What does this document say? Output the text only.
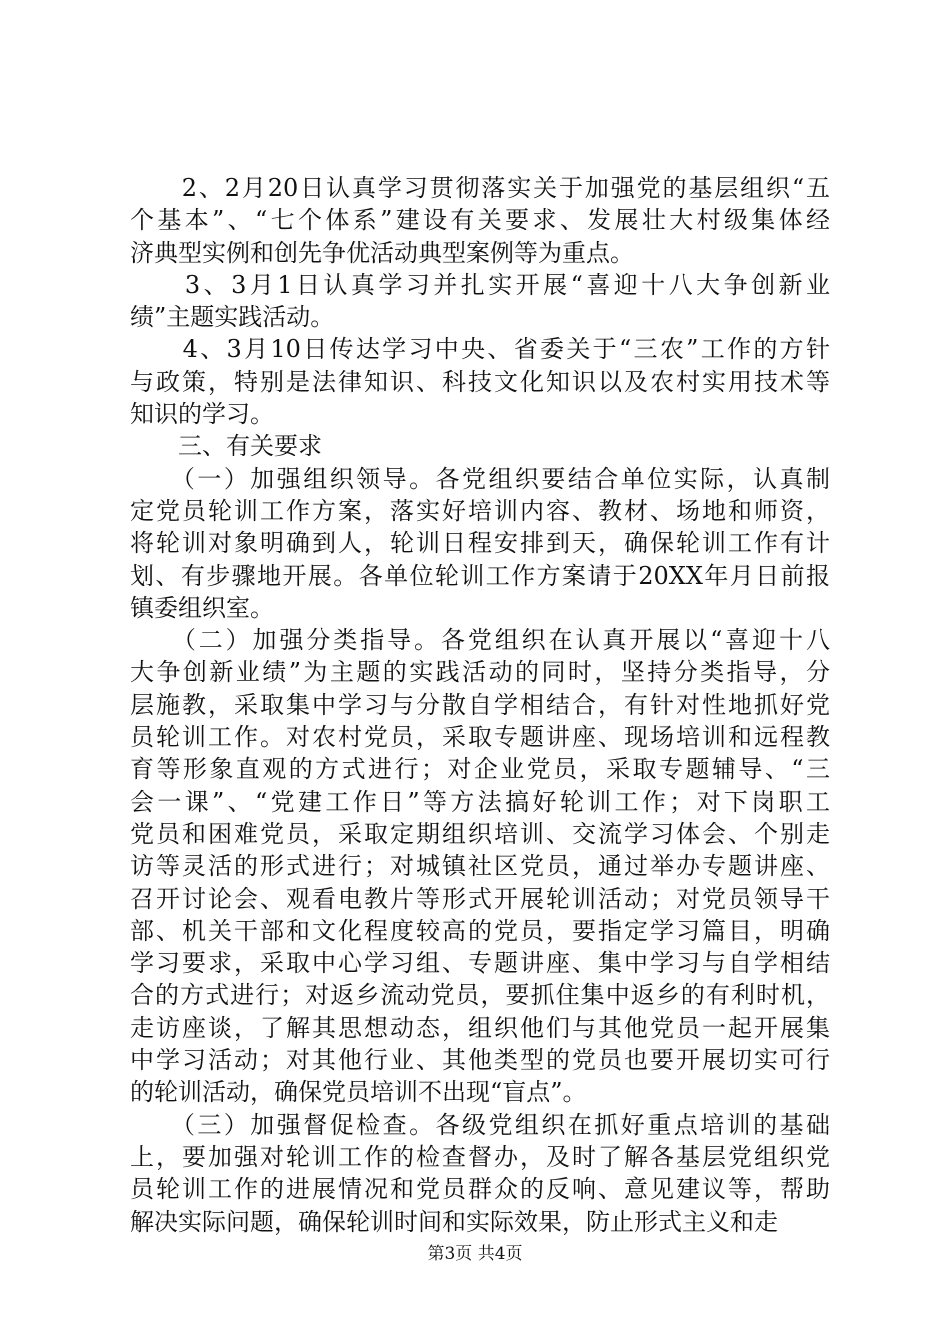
　　2、2月20日认真学习贯彻落实关于加强党的基层组织“五
个基本”、“七个体系”建设有关要求、发展壮大村级集体经
济典型实例和创先争优活动典型案例等为重点。
　　3、3月1日认真学习并扎实开展“喜迎十八大争创新业
绩”主题实践活动。
　　4、3月10日传达学习中央、省委关于“三农”工作的方针
与政策，特别是法律知识、科技文化知识以及农村实用技术等
知识的学习。
　　三、有关要求
　　（一）加强组织领导。各党组织要结合单位实际，认真制
定党员轮训工作方案，落实好培训内容、教材、场地和师资，
将轮训对象明确到人，轮训日程安排到天，确保轮训工作有计
划、有步骤地开展。各单位轮训工作方案请于20XX年月日前报
镇委组织室。
　　（二）加强分类指导。各党组织在认真开展以“喜迎十八
大争创新业绩”为主题的实践活动的同时，坚持分类指导，分
层施教，采取集中学习与分散自学相结合，有针对性地抓好党
员轮训工作。对农村党员，采取专题讲座、现场培训和远程教
育等形象直观的方式进行；对企业党员，采取专题辅导、“三
会一课”、“党建工作日”等方法搞好轮训工作；对下岗职工
党员和困难党员，采取定期组织培训、交流学习体会、个别走
访等灵活的形式进行；对城镇社区党员，通过举办专题讲座、
召开讨论会、观看电教片等形式开展轮训活动；对党员领导干
部、机关干部和文化程度较高的党员，要指定学习篇目，明确
学习要求，采取中心学习组、专题讲座、集中学习与自学相结
合的方式进行；对返乡流动党员，要抓住集中返乡的有利时机，
走访座谈，了解其思想动态，组织他们与其他党员一起开展集
中学习活动；对其他行业、其他类型的党员也要开展切实可行
的轮训活动，确保党员培训不出现“盲点”。
　　（三）加强督促检查。各级党组织在抓好重点培训的基础
上，要加强对轮训工作的检查督办，及时了解各基层党组织党
员轮训工作的进展情况和党员群众的反响、意见建议等，帮助
解决实际问题，确保轮训时间和实际效果，防止形式主义和走
第3页 共4页
